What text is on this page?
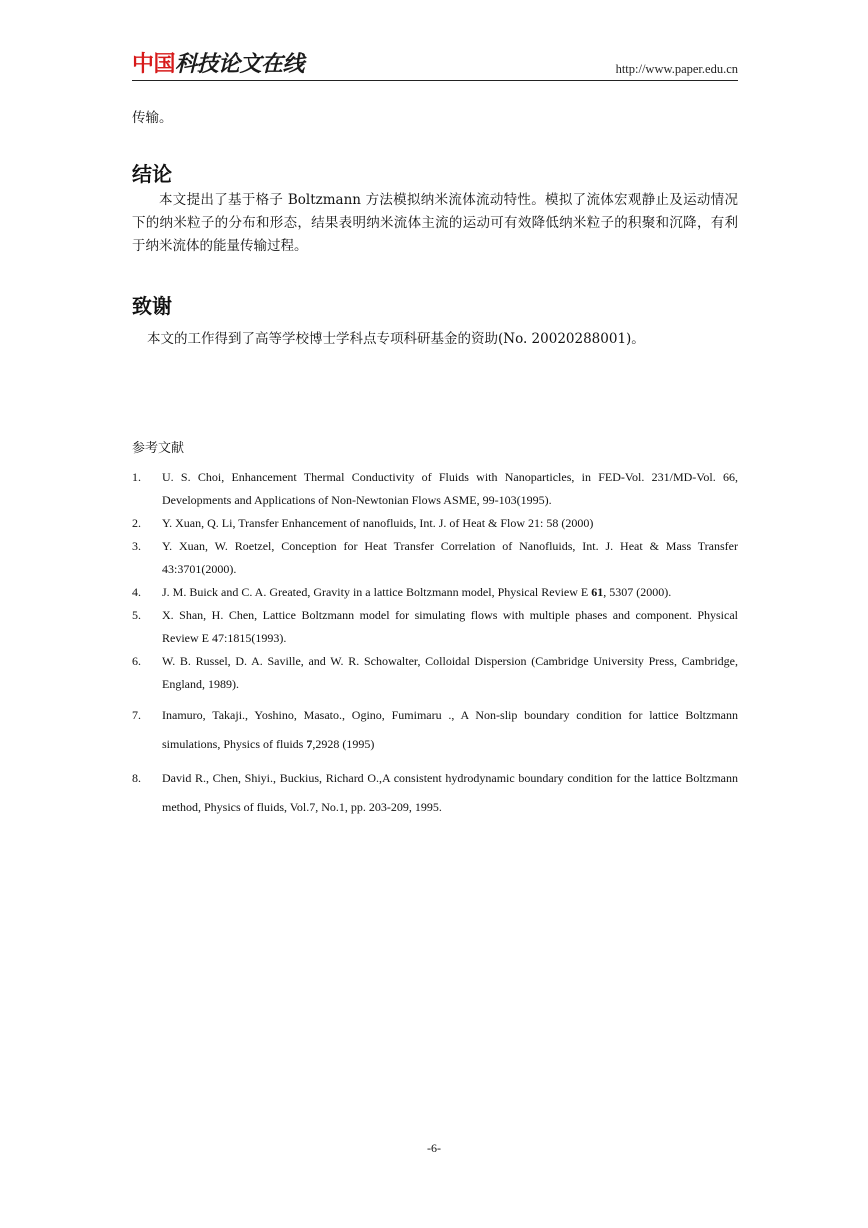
中国科技论文在线	http://www.paper.edu.cn
传输。
结论
本文提出了基于格子 Boltzmann 方法模拟纳米流体流动特性。模拟了流体宏观静止及运动情况下的纳米粒子的分布和形态，结果表明纳米流体主流的运动可有效降低纳米粒子的积聚和沉降，有利于纳米流体的能量传输过程。
致谢
本文的工作得到了高等学校博士学科点专项科研基金的资助(No. 20020288001)。
参考文献
1. U. S. Choi, Enhancement Thermal Conductivity of Fluids with Nanoparticles, in FED-Vol. 231/MD-Vol. 66, Developments and Applications of Non-Newtonian Flows ASME, 99-103(1995).
2. Y. Xuan, Q. Li, Transfer Enhancement of nanofluids, Int. J. of Heat & Flow 21: 58 (2000)
3. Y. Xuan, W. Roetzel, Conception for Heat Transfer Correlation of Nanofluids, Int. J. Heat & Mass Transfer 43:3701(2000).
4. J. M. Buick and C. A. Greated, Gravity in a lattice Boltzmann model, Physical Review E 61, 5307 (2000).
5. X. Shan, H. Chen, Lattice Boltzmann model for simulating flows with multiple phases and component. Physical Review E 47:1815(1993).
6. W. B. Russel, D. A. Saville, and W. R. Schowalter, Colloidal Dispersion (Cambridge University Press, Cambridge, England, 1989).
7. Inamuro, Takaji., Yoshino, Masato., Ogino, Fumimaru ., A Non-slip boundary condition for lattice Boltzmann simulations, Physics of fluids 7,2928 (1995)
8. David R., Chen, Shiyi., Buckius, Richard O.,A consistent hydrodynamic boundary condition for the lattice Boltzmann method, Physics of fluids, Vol.7, No.1, pp. 203-209, 1995.
-6-
